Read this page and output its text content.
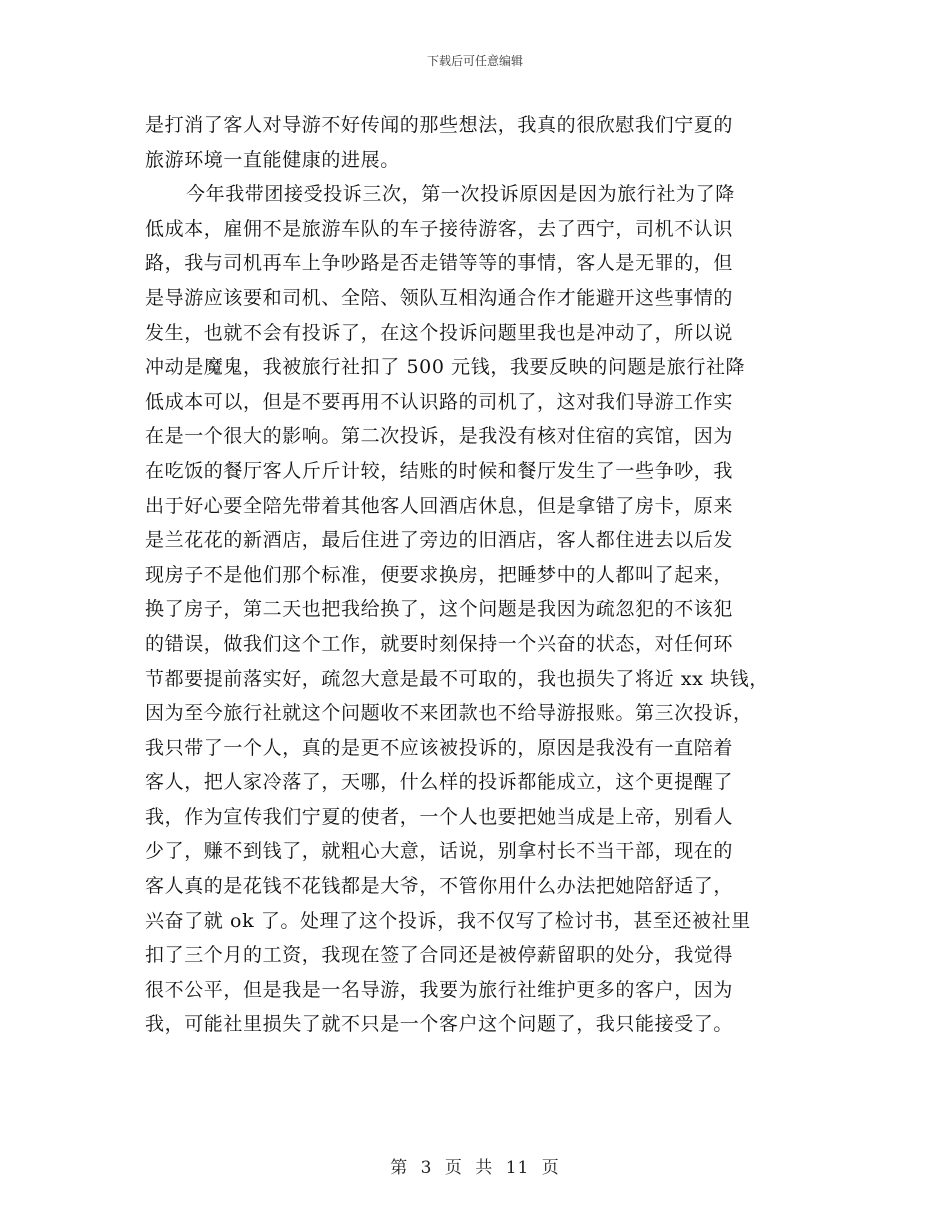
下载后可任意编辑
是打消了客人对导游不好传闻的那些想法，我真的很欣慰我们宁夏的
旅游环境一直能健康的进展。
今年我带团接受投诉三次，第一次投诉原因是因为旅行社为了降
低成本，雇佣不是旅游车队的车子接待游客，去了西宁，司机不认识
路，我与司机再车上争吵路是否走错等等的事情，客人是无罪的，但
是导游应该要和司机、全陪、领队互相沟通合作才能避开这些事情的
发生，也就不会有投诉了，在这个投诉问题里我也是冲动了，所以说
冲动是魔鬼，我被旅行社扣了 500 元钱，我要反映的问题是旅行社降
低成本可以，但是不要再用不认识路的司机了，这对我们导游工作实
在是一个很大的影响。第二次投诉，是我没有核对住宿的宾馆，因为
在吃饭的餐厅客人斤斤计较，结账的时候和餐厅发生了一些争吵，我
出于好心要全陪先带着其他客人回酒店休息，但是拿错了房卡，原来
是兰花花的新酒店，最后住进了旁边的旧酒店，客人都住进去以后发
现房子不是他们那个标准，便要求换房，把睡梦中的人都叫了起来，
换了房子，第二天也把我给换了，这个问题是我因为疏忽犯的不该犯
的错误，做我们这个工作，就要时刻保持一个兴奋的状态，对任何环
节都要提前落实好，疏忽大意是最不可取的，我也损失了将近 xx 块钱，
因为至今旅行社就这个问题收不来团款也不给导游报账。第三次投诉，
我只带了一个人，真的是更不应该被投诉的，原因是我没有一直陪着
客人，把人家冷落了，天哪，什么样的投诉都能成立，这个更提醒了
我，作为宣传我们宁夏的使者，一个人也要把她当成是上帝，别看人
少了，赚不到钱了，就粗心大意，话说，别拿村长不当干部，现在的
客人真的是花钱不花钱都是大爷，不管你用什么办法把她陪舒适了，
兴奋了就 ok 了。处理了这个投诉，我不仅写了检讨书，甚至还被社里
扣了三个月的工资，我现在签了合同还是被停薪留职的处分，我觉得
很不公平，但是我是一名导游，我要为旅行社维护更多的客户，因为
我，可能社里损失了就不只是一个客户这个问题了，我只能接受了。
第 3 页 共 11 页
